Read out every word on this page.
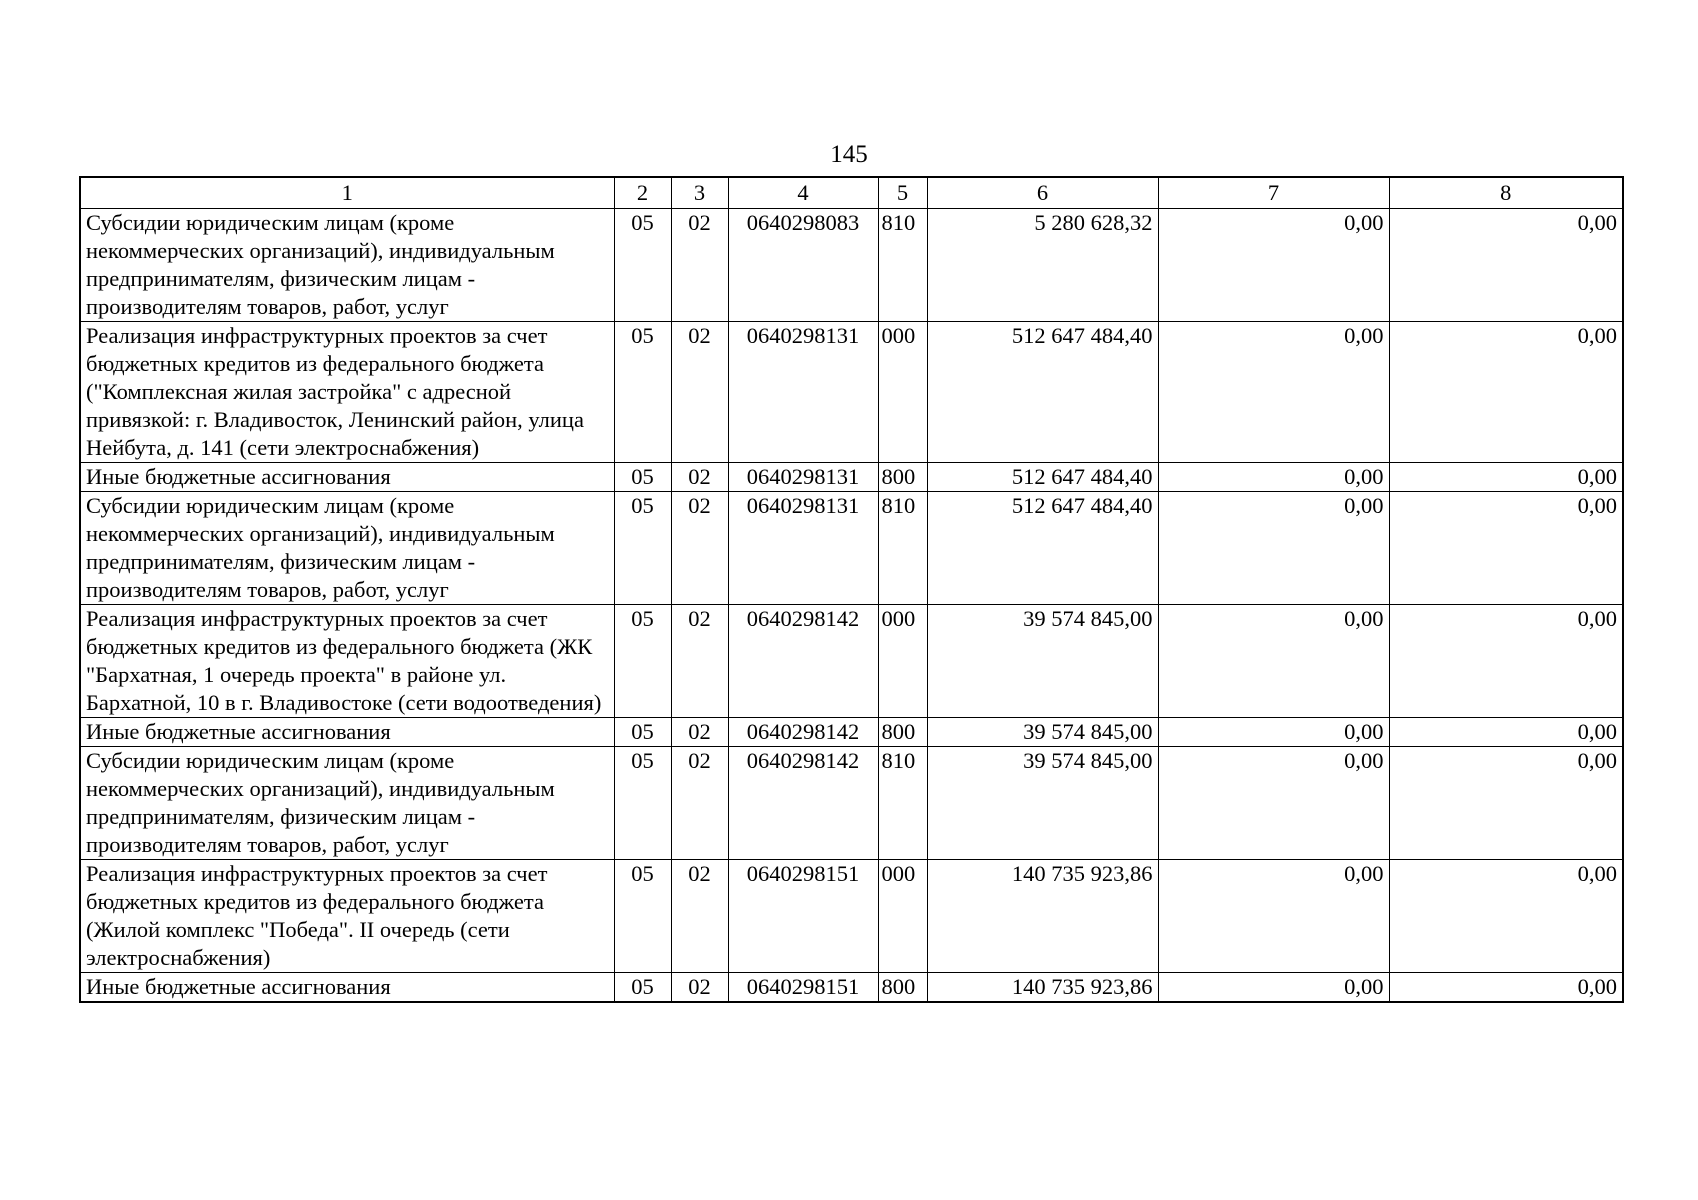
145
1	2	3	4	5	6	7	8
Субсидии юридическим лицам (кроме некоммерческих организаций), индивидуальным предпринимателям, физическим лицам - производителям товаров, работ, услуг	05	02	0640298083	810	5 280 628,32	0,00	0,00
Реализация инфраструктурных проектов за счет бюджетных кредитов из федерального бюджета ("Комплексная жилая застройка" с адресной привязкой: г. Владивосток, Ленинский район, улица Нейбута, д. 141 (сети электроснабжения)	05	02	0640298131	000	512 647 484,40	0,00	0,00
Иные бюджетные ассигнования	05	02	0640298131	800	512 647 484,40	0,00	0,00
Субсидии юридическим лицам (кроме некоммерческих организаций), индивидуальным предпринимателям, физическим лицам - производителям товаров, работ, услуг	05	02	0640298131	810	512 647 484,40	0,00	0,00
Реализация инфраструктурных проектов за счет бюджетных кредитов из федерального бюджета (ЖК "Бархатная, 1 очередь проекта" в районе ул. Бархатной, 10 в г. Владивостоке (сети водоотведения)	05	02	0640298142	000	39 574 845,00	0,00	0,00
Иные бюджетные ассигнования	05	02	0640298142	800	39 574 845,00	0,00	0,00
Субсидии юридическим лицам (кроме некоммерческих организаций), индивидуальным предпринимателям, физическим лицам - производителям товаров, работ, услуг	05	02	0640298142	810	39 574 845,00	0,00	0,00
Реализация инфраструктурных проектов за счет бюджетных кредитов из федерального бюджета (Жилой комплекс "Победа". II очередь (сети электроснабжения)	05	02	0640298151	000	140 735 923,86	0,00	0,00
Иные бюджетные ассигнования	05	02	0640298151	800	140 735 923,86	0,00	0,00
